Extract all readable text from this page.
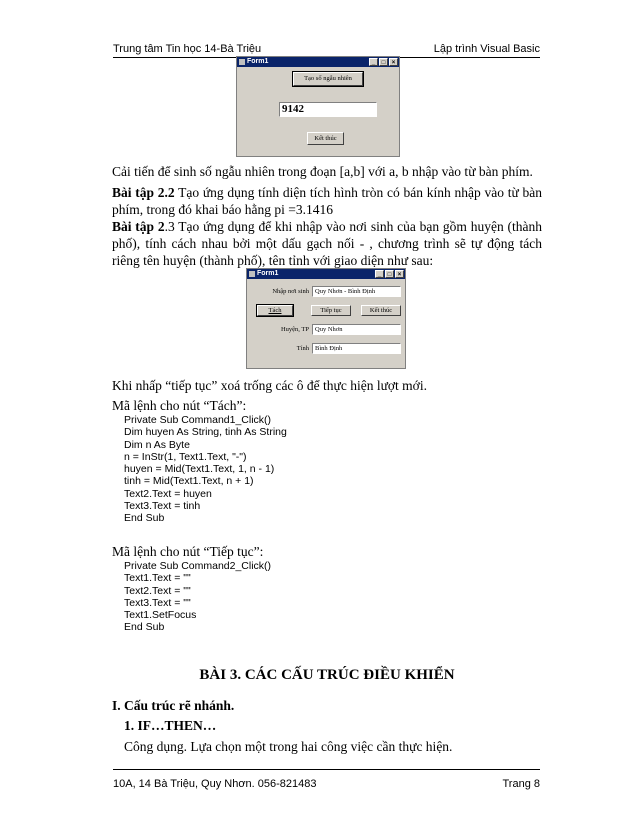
Trung tâm Tin học 14-Bà Triệu	Lập trình Visual Basic
Form1	_	□	×
Tạo số ngẫu nhiên
9142
Kết thúc
Cải tiến để sinh số ngẫu nhiên trong đoạn [a,b] với a, b nhập vào từ bàn phím.
Bài tập 2.2 Tạo ứng dụng tính diện tích hình tròn có bán kính nhập vào từ bàn phím, trong đó khai báo hằng pi =3.1416
Bài tập 2.3 Tạo ứng dụng để khi nhập vào nơi sinh của bạn gồm huyện (thành phố), tính cách nhau bởi một dấu gạch nối - , chương trình sẽ tự động tách riêng tên huyện (thành phố), tên tỉnh với giao diện như sau:
Form1	_	□	×
Nhập nơi sinh Quy Nhơn - Bình Định
Tách	Tiếp tục	Kết thúc
Huyện, TP Quy Nhơn
Tỉnh Bình Định
Khi nhấp “tiếp tục” xoá trống các ô để thực hiện lượt mới.
Mã lệnh cho nút “Tách”:
Private Sub Command1_Click()
Dim huyen As String, tinh As String
Dim n As Byte
n = InStr(1, Text1.Text, "-")
huyen = Mid(Text1.Text, 1, n - 1)
tinh = Mid(Text1.Text, n + 1)
Text2.Text = huyen
Text3.Text = tinh
End Sub
Mã lệnh cho nút “Tiếp tục”:
Private Sub Command2_Click()
Text1.Text = ""
Text2.Text = ""
Text3.Text = ""
Text1.SetFocus
End Sub
BÀI 3. CÁC CẤU TRÚC ĐIỀU KHIỂN
I. Cấu trúc rẽ nhánh.
1. IF…THEN…
Công dụng. Lựa chọn một trong hai công việc cần thực hiện.
10A, 14 Bà Triệu, Quy Nhơn. 056-821483	Trang 8
